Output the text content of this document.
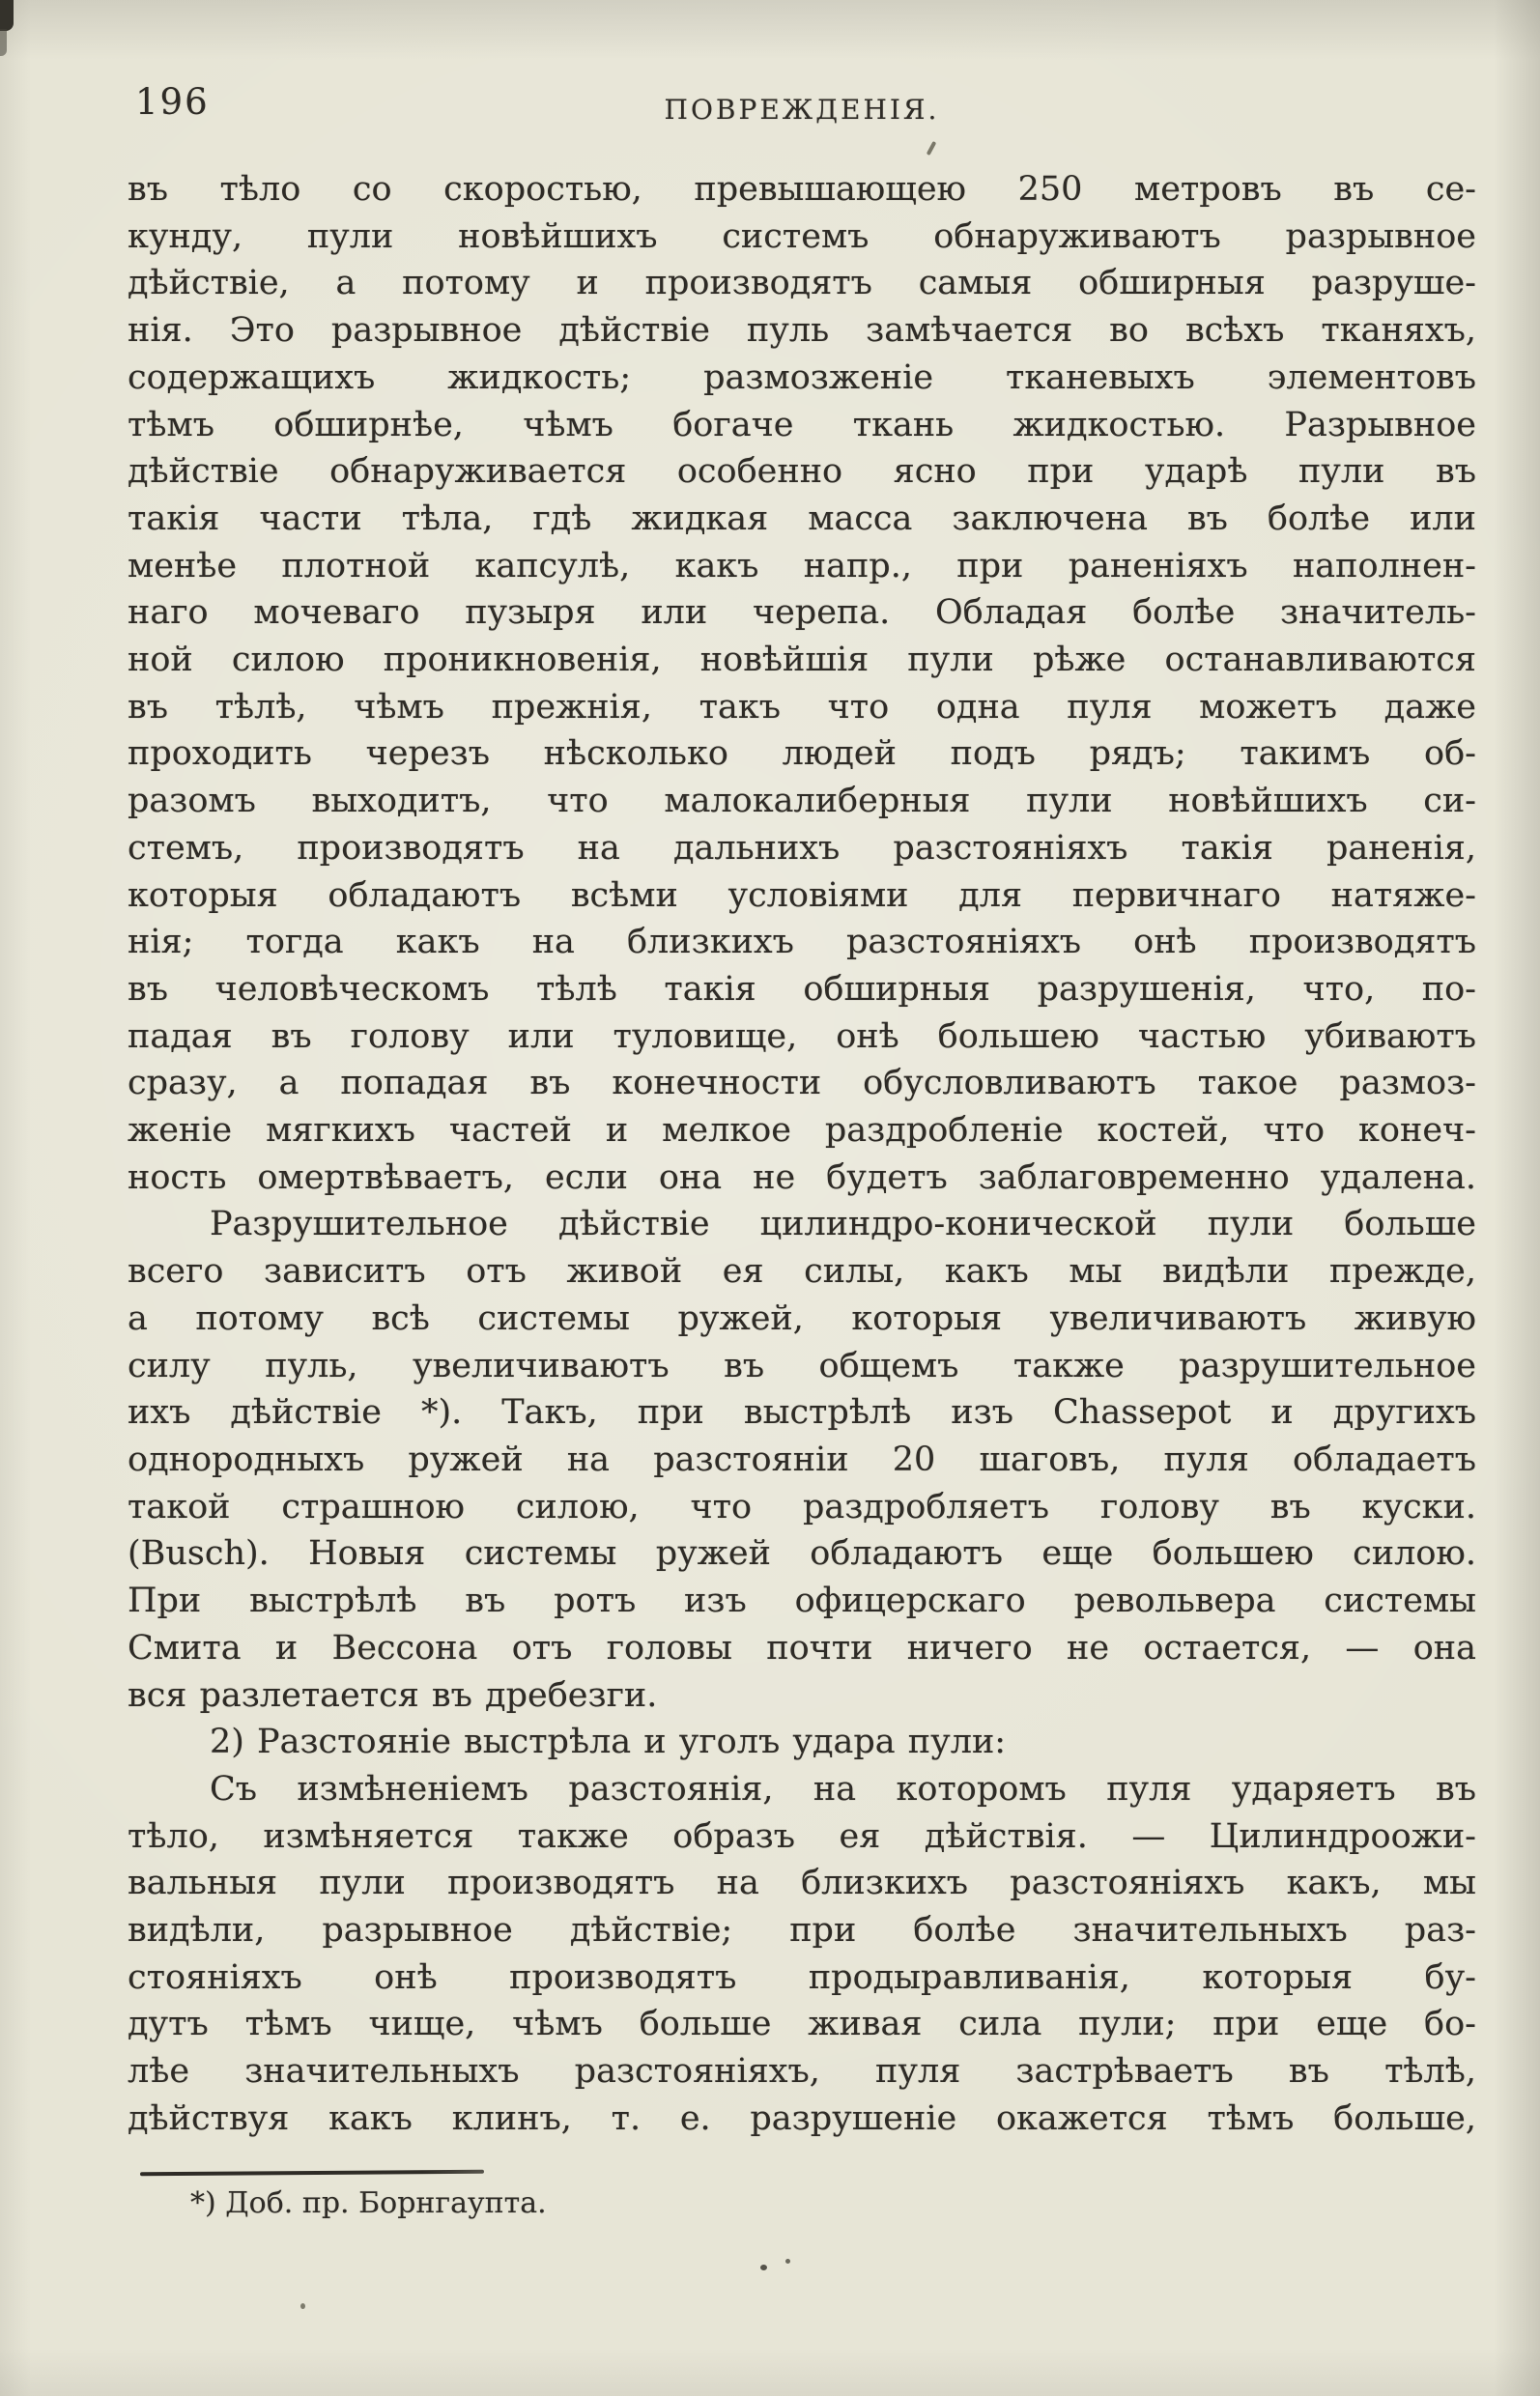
196	ПОВРЕЖДЕНІЯ.
въ тѣло со скоростью, превышающею 250 метровъ въ се-
кунду, пули новѣйшихъ системъ обнаруживаютъ разрывное
дѣйствіе, а потому и производятъ самыя обширныя разруше-
нія. Это разрывное дѣйствіе пуль замѣчается во всѣхъ тканяхъ,
содержащихъ жидкость; размозженіе тканевыхъ элементовъ
тѣмъ обширнѣе, чѣмъ богаче ткань жидкостью. Разрывное
дѣйствіе обнаруживается особенно ясно при ударѣ пули въ
такія части тѣла, гдѣ жидкая масса заключена въ болѣе или
менѣе плотной капсулѣ, какъ напр., при раненіяхъ наполнен-
наго мочеваго пузыря или черепа. Обладая болѣе значитель-
ной силою проникновенія, новѣйшія пули рѣже останавливаются
въ тѣлѣ, чѣмъ прежнія, такъ что одна пуля можетъ даже
проходить черезъ нѣсколько людей подъ рядъ; такимъ об-
разомъ выходитъ, что малокалиберныя пули новѣйшихъ си-
стемъ, производятъ на дальнихъ разстояніяхъ такія раненія,
которыя обладаютъ всѣми условіями для первичнаго натяже-
нія; тогда какъ на близкихъ разстояніяхъ онѣ производятъ
въ человѣческомъ тѣлѣ такія обширныя разрушенія, что, по-
падая въ голову или туловище, онѣ большею частью убиваютъ
сразу, а попадая въ конечности обусловливаютъ такое размоз-
женіе мягкихъ частей и мелкое раздробленіе костей, что конеч-
ность омертвѣваетъ, если она не будетъ заблаговременно удалена.
Разрушительное дѣйствіе цилиндро-конической пули больше
всего зависитъ отъ живой ея силы, какъ мы видѣли прежде,
а потому всѣ системы ружей, которыя увеличиваютъ живую
силу пуль, увеличиваютъ въ общемъ также разрушительное
ихъ дѣйствіе *). Такъ, при выстрѣлѣ изъ Chassepot и другихъ
однородныхъ ружей на разстояніи 20 шаговъ, пуля обладаетъ
такой страшною силою, что раздробляетъ голову въ куски.
(Busch). Новыя системы ружей обладаютъ еще большею силою.
При выстрѣлѣ въ ротъ изъ офицерскаго револьвера системы
Смита и Вессона отъ головы почти ничего не остается, — она
вся разлетается въ дребезги.
2) Разстояніе выстрѣла и уголъ удара пули:
Съ измѣненіемъ разстоянія, на которомъ пуля ударяетъ въ
тѣло, измѣняется также образъ ея дѣйствія. — Цилиндроожи-
вальныя пули производятъ на близкихъ разстояніяхъ какъ, мы
видѣли, разрывное дѣйствіе; при болѣе значительныхъ раз-
стояніяхъ онѣ производятъ продыравливанія, которыя бу-
дутъ тѣмъ чище, чѣмъ больше живая сила пули; при еще бо-
лѣе значительныхъ разстояніяхъ, пуля застрѣваетъ въ тѣлѣ,
дѣйствуя какъ клинъ, т. е. разрушеніе окажется тѣмъ больше,
*) Доб. пр. Борнгаупта.
